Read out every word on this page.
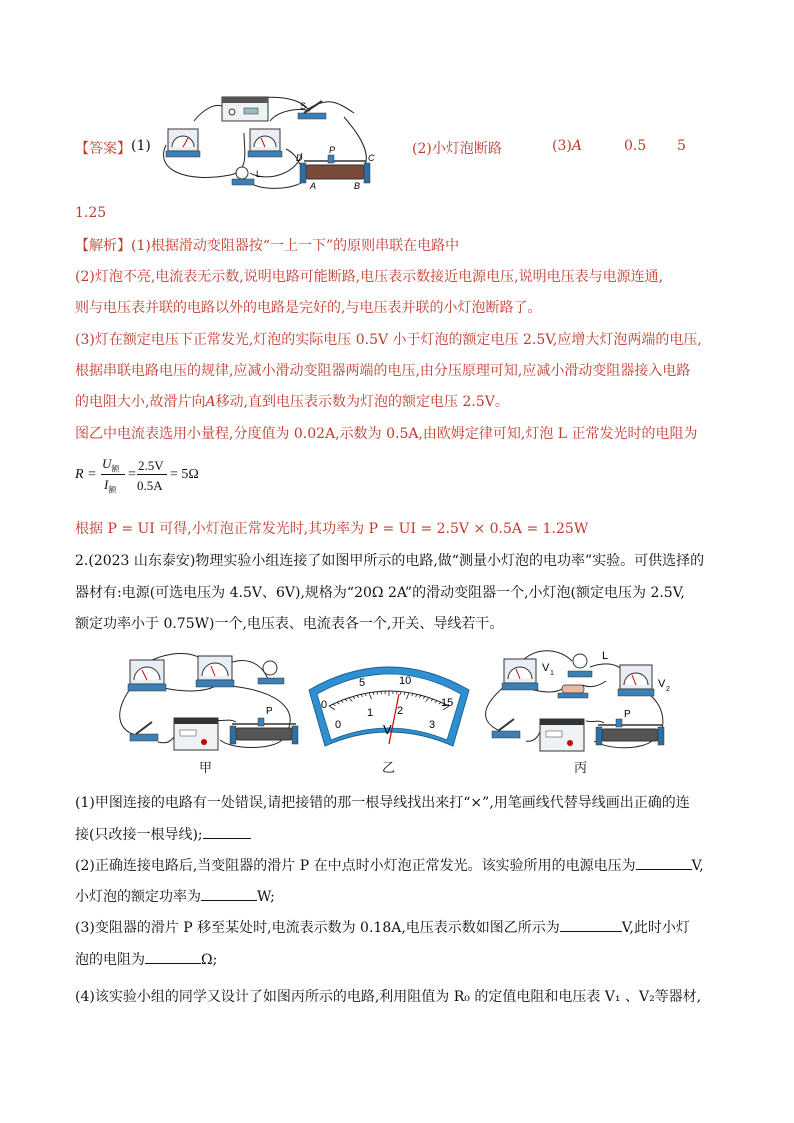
【答案】 (1)
S
L
D
P
C
A	B
(2)小灯泡断路	(3)A	0.5 5
1.25
【解析】(1)根据滑动变阻器按“一上一下”的原则串联在电路中
(2)灯泡不亮,电流表无示数,说明电路可能断路,电压表示数接近电源电压,说明电压表与电源连通,
则与电压表并联的电路以外的电路是完好的,与电压表并联的小灯泡断路了。
(3)灯在额定电压下正常发光,灯泡的实际电压 0.5V 小于灯泡的额定电压 2.5V,应增大灯泡两端的电压,
根据串联电路电压的规律,应减小滑动变阻器两端的电压,由分压原理可知,应减小滑动变阻器接入电路
的电阻大小,故滑片向A移动,直到电压表示数为灯泡的额定电压 2.5V。
图乙中电流表选用小量程,分度值为 0.02A,示数为 0.5A,由欧姆定律可知,灯泡 L 正常发光时的电阻为
R =
$U_额$
$I_额$
=
2.5V
0.5A
= 5Ω
根据 P = UI 可得,小灯泡正常发光时,其功率为 P = UI = 2.5V × 0.5A = 1.25W
2.(2023 山东泰安)物理实验小组连接了如图甲所示的电路,做“测量小灯泡的电功率”实验。可供选择的
器材有:电源(可选电压为 4.5V、6V),规格为“20Ω 2A”的滑动变阻器一个,小灯泡(额定电压为 2.5V,
额定功率小于 0.75W)一个,电压表、电流表各一个,开关、导线若干。
P
甲
0
5	10
15
0
1 2
3
V
乙
V 1
L
V 2
P
丙
(1)甲图连接的电路有一处错误,请把接错的那一根导线找出来打“×”,用笔画线代替导线画出正确的连
接(只改接一根导线);
(2)正确连接电路后,当变阻器的滑片 P 在中点时小灯泡正常发光。该实验所用的电源电压为	V,
小灯泡的额定功率为	W;
(3)变阻器的滑片 P 移至某处时,电流表示数为 0.18A,电压表示数如图乙所示为	V,此时小灯
泡的电阻为	Ω;
(4)该实验小组的同学又设计了如图丙所示的电路,利用阻值为 R₀ 的定值电阻和电压表 V₁ 、V₂等器材,
